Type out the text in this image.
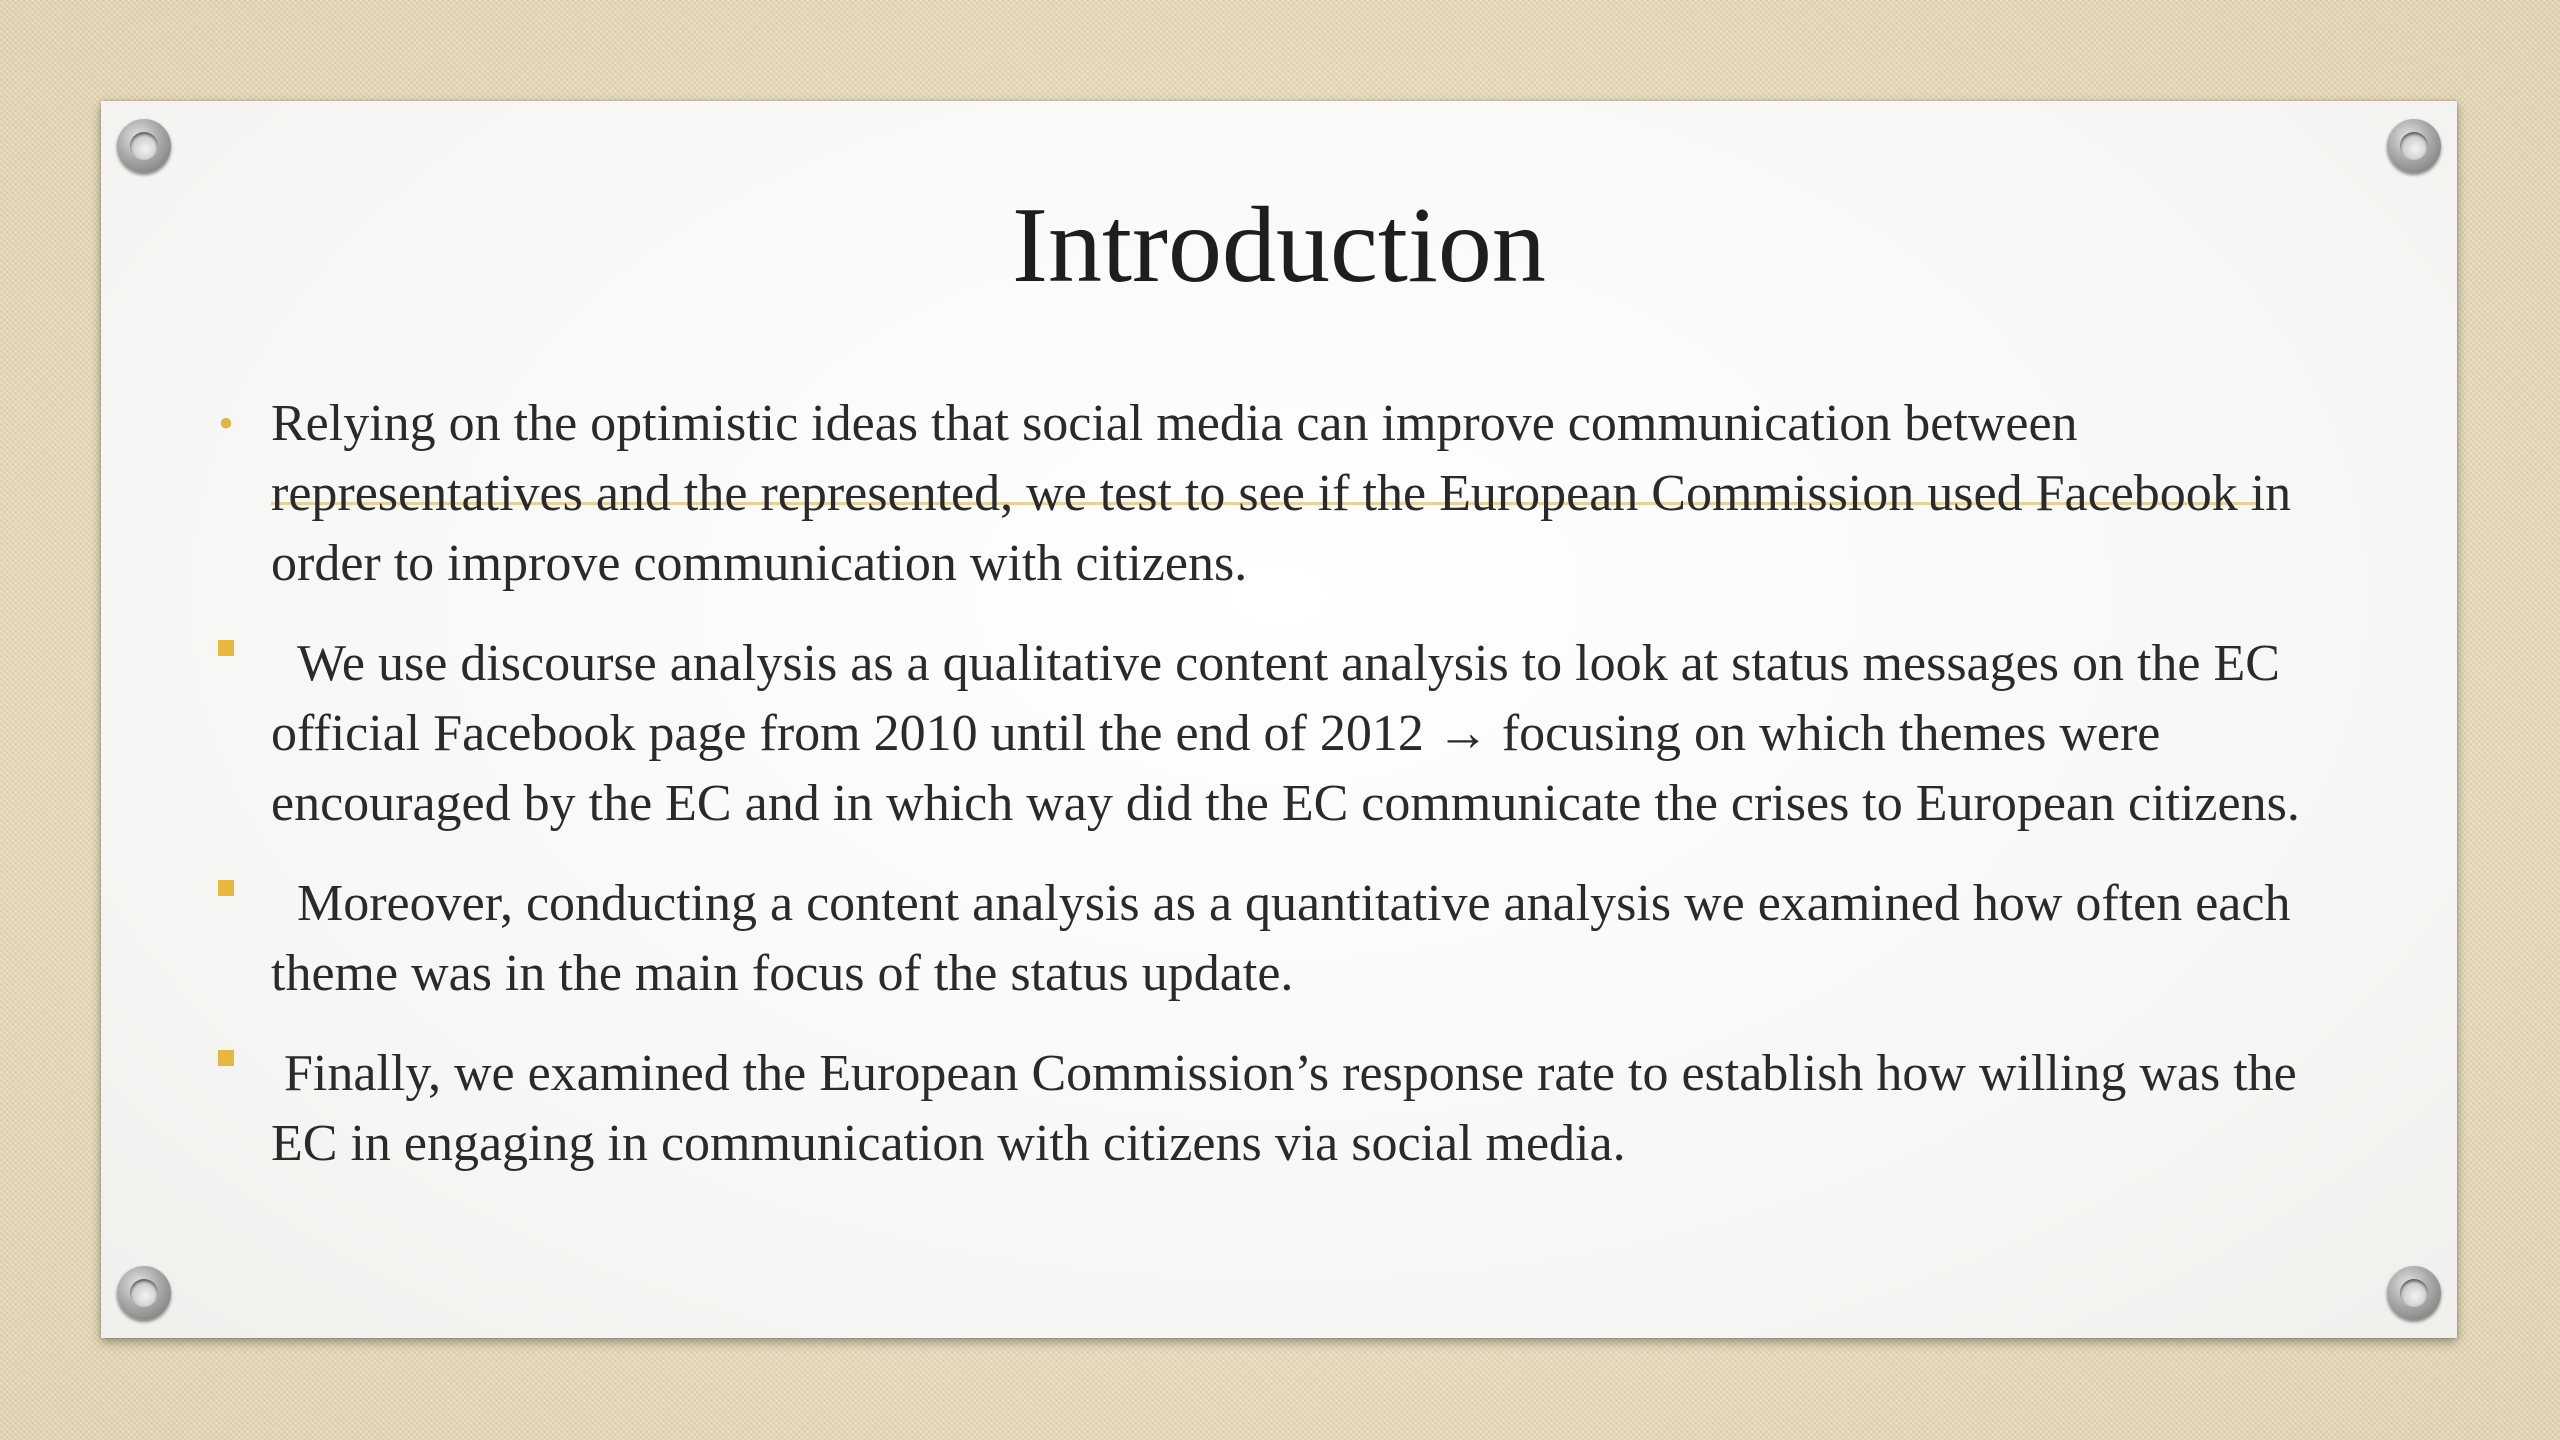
Introduction
• Relying on the optimistic ideas that social media can improve communication between representatives and the represented, we test to see if the European Commission used Facebook in order to improve communication with citizens.
We use discourse analysis as a qualitative content analysis to look at status messages on the EC official Facebook page from 2010 until the end of 2012 → focusing on which themes were encouraged by the EC and in which way did the EC communicate the crises to European citizens.
Moreover, conducting a content analysis as a quantitative analysis we examined how often each theme was in the main focus of the status update.
Finally, we examined the European Commission’s response rate to establish how willing was the EC in engaging in communication with citizens via social media.
